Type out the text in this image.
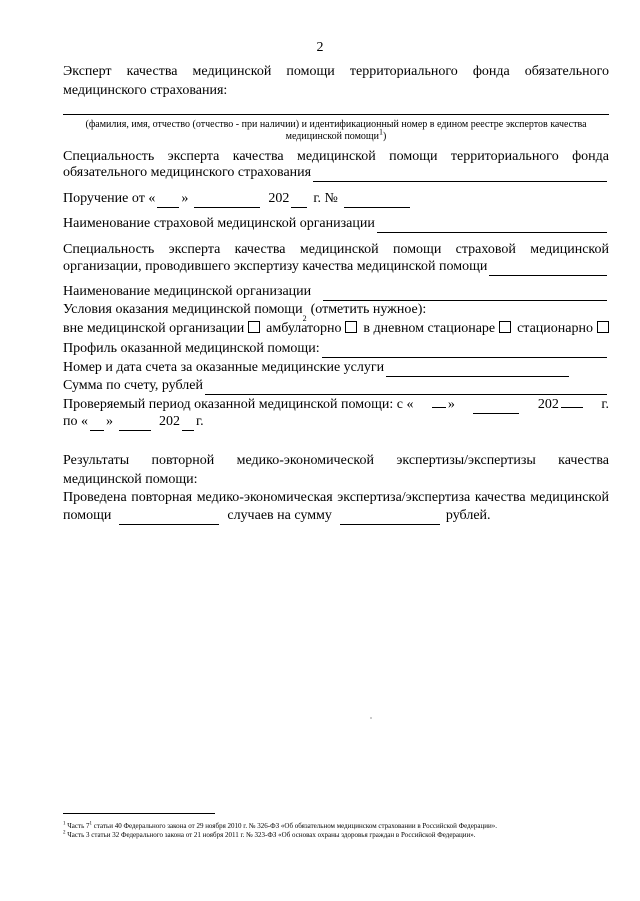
2
Эксперт качества медицинской помощи территориального фонда обязательного
медицинского страхования:
(фамилия, имя, отчество (отчество - при наличии) и идентификационный номер в едином реестре экспертов качества
медицинской помощи$^1$)
Специальность эксперта качества медицинской помощи территориального фонда
обязательного медицинского страхования
Поручение от « »	202 г. №
Наименование страховой медицинской организации
Специальность эксперта качества медицинской помощи страховой медицинской
организации, проводившего экспертизу качества медицинской помощи
Наименование медицинской организации
Условия оказания медицинской помощи
2
(отметить нужное):
вне медицинской организации	амбулаторно	в дневном стационаре	стационарно
Профиль оказанной медицинской помощи:
Номер и дата счета за оказанные медицинские услуги
Сумма по счету, рублей
Проверяемый период оказанной медицинской помощи: с «	»	202	г.
по « »	202 г.
Результаты повторной медико-экономической экспертизы/экспертизы качества
медицинской помощи:
Проведена повторная медико-экономическая экспертиза/экспертиза качества медицинской
помощи	случаев на сумму	рублей.
$^1$ Часть $7^1$ статьи 40 Федерального закона от 29 ноября 2010 г. № 326-ФЗ «Об обязательном медицинском страховании в Российской Федерации».
$^2$ Часть 3 статьи 32 Федерального закона от 21 ноября 2011 г. № 323-ФЗ «Об основах охраны здоровья граждан в Российской Федерации».
